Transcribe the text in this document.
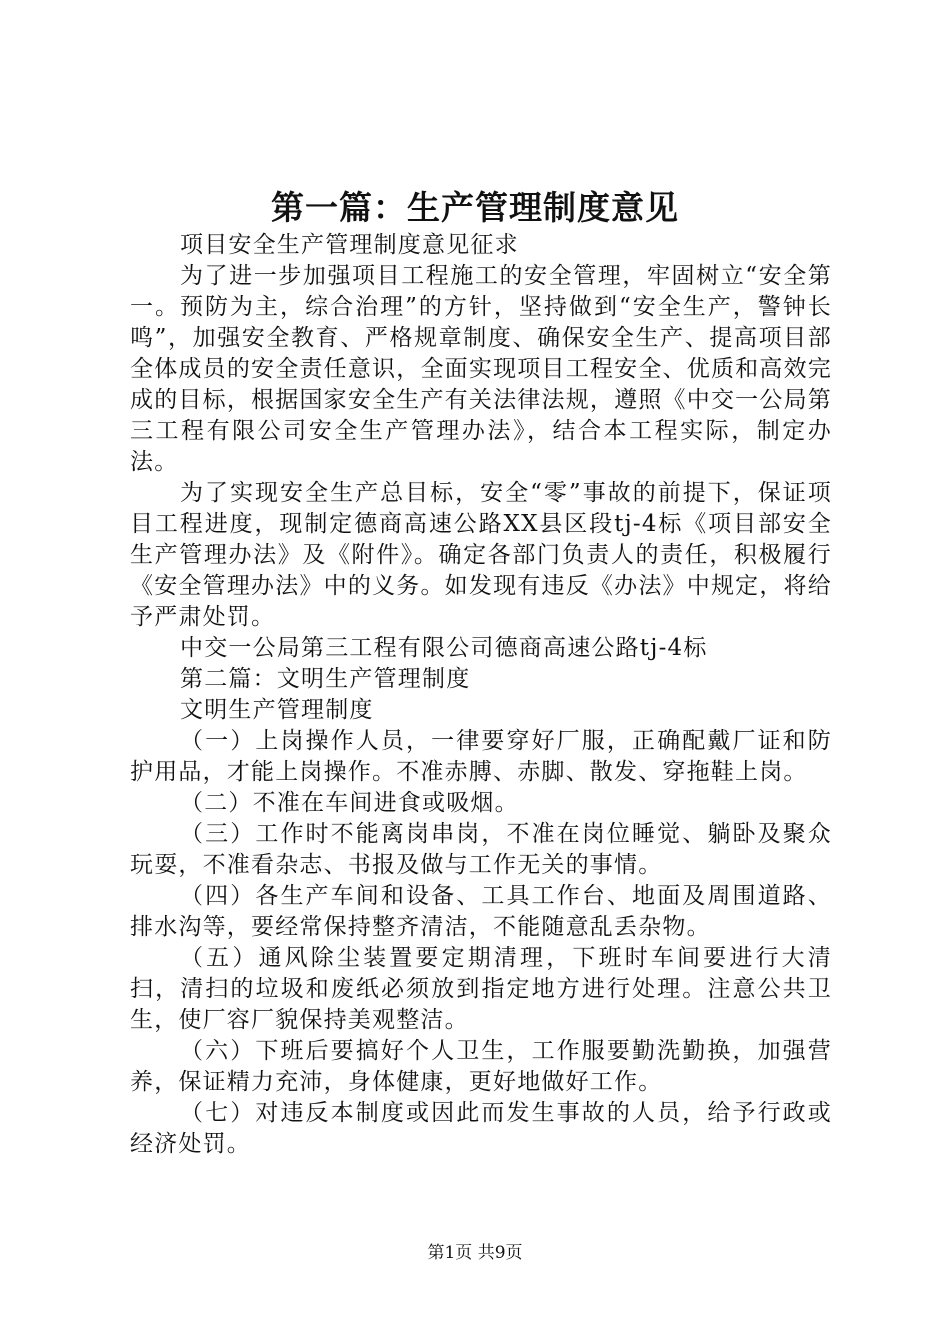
第一篇：生产管理制度意见

项目安全生产管理制度意见征求

为了进一步加强项目工程施工的安全管理，牢固树立“安全第一。预防为主，综合治理”的方针，坚持做到“安全生产，警钟长鸣”，加强安全教育、严格规章制度、确保安全生产、提高项目部全体成员的安全责任意识，全面实现项目工程安全、优质和高效完成的目标，根据国家安全生产有关法律法规，遵照《中交一公局第三工程有限公司安全生产管理办法》，结合本工程实际，制定办法。

为了实现安全生产总目标，安全“零”事故的前提下，保证项目工程进度，现制定德商高速公路XX县区段tj-4标《项目部安全生产管理办法》及《附件》。确定各部门负责人的责任，积极履行《安全管理办法》中的义务。如发现有违反《办法》中规定，将给予严肃处罚。

中交一公局第三工程有限公司德商高速公路tj-4标

第二篇：文明生产管理制度

文明生产管理制度

（一）上岗操作人员，一律要穿好厂服，正确配戴厂证和防护用品，才能上岗操作。不准赤膊、赤脚、散发、穿拖鞋上岗。

（二）不准在车间进食或吸烟。

（三）工作时不能离岗串岗，不准在岗位睡觉、躺卧及聚众玩耍，不准看杂志、书报及做与工作无关的事情。

（四）各生产车间和设备、工具工作台、地面及周围道路、排水沟等，要经常保持整齐清洁，不能随意乱丢杂物。

（五）通风除尘装置要定期清理，下班时车间要进行大清扫，清扫的垃圾和废纸必须放到指定地方进行处理。注意公共卫生，使厂容厂貌保持美观整洁。

（六）下班后要搞好个人卫生，工作服要勤洗勤换，加强营养，保证精力充沛，身体健康，更好地做好工作。

（七）对违反本制度或因此而发生事故的人员，给予行政或经济处罚。

第1页 共9页
